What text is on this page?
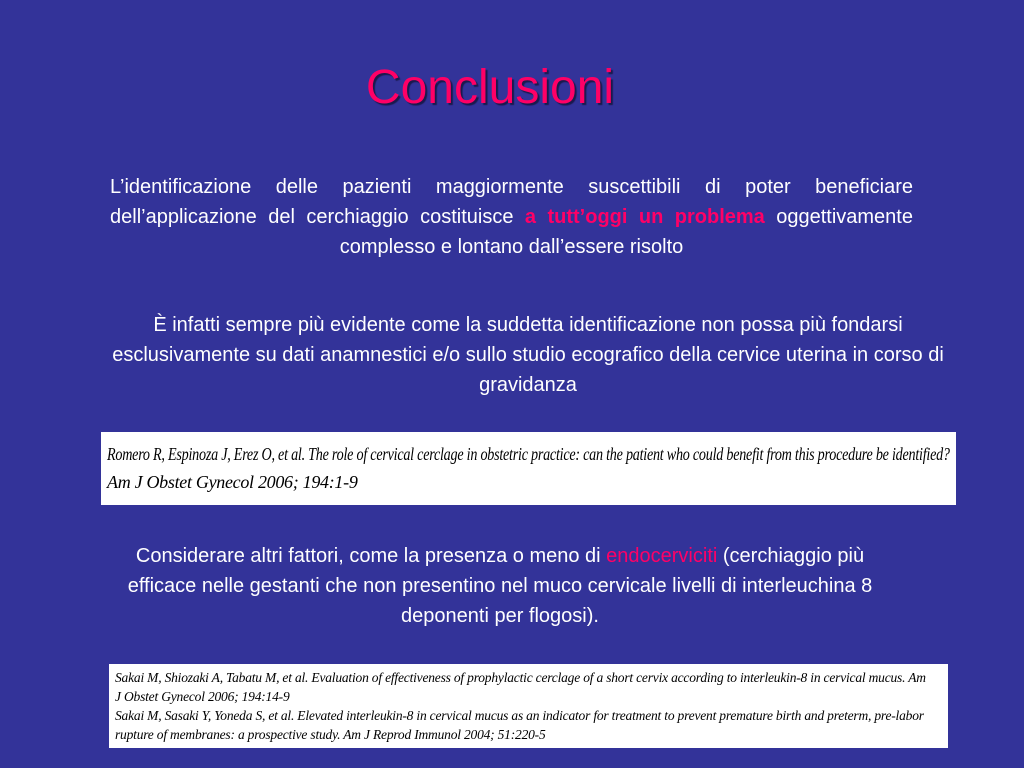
Conclusioni
L’identificazione delle pazienti maggiormente suscettibili di poter beneficiare dell’applicazione del cerchiaggio costituisce a tutt’oggi un problema oggettivamente complesso e lontano dall’essere risolto
È infatti sempre più evidente come la suddetta identificazione non possa più fondarsi esclusivamente su dati anamnestici e/o sullo studio ecografico della cervice uterina in corso di gravidanza
Romero R, Espinoza J, Erez O, et al. The role of cervical cerclage in obstetric practice: can the patient who could benefit from this procedure be identified?
Am J Obstet Gynecol 2006; 194:1-9
Considerare altri fattori, come la presenza o meno di endocerviciti (cerchiaggio più efficace nelle gestanti che non presentino nel muco cervicale livelli di interleuchina 8 deponenti per flogosi).
Sakai M, Shiozaki A, Tabatu M, et al. Evaluation of effectiveness of prophylactic cerclage of a short cervix according to interleukin-8 in cervical mucus. Am
J Obstet Gynecol 2006; 194:14-9
Sakai M, Sasaki Y, Yoneda S, et al. Elevated interleukin-8 in cervical mucus as an indicator for treatment to prevent premature birth and preterm, pre-labor
rupture of membranes: a prospective study. Am J Reprod Immunol 2004; 51:220-5
